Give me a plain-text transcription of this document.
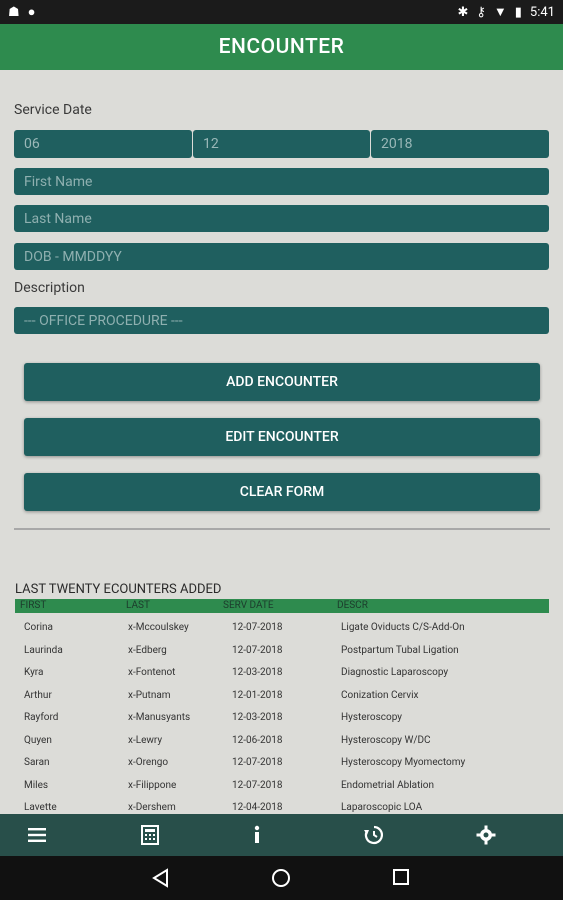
☗ ●	✱ ⚷ ▼ ▮ 5:41
ENCOUNTER
Service Date
06	12	2018
First Name
Last Name
DOB - MMDDYY
Description
--- OFFICE PROCEDURE ---
ADD ENCOUNTER
EDIT ENCOUNTER
CLEAR FORM
LAST TWENTY ECOUNTERS ADDED
FIRST	LAST	SERV DATE	DESCR
Corina	x-Mccoulskey	12-07-2018	Ligate Oviducts C/S-Add-On
Laurinda	x-Edberg	12-07-2018	Postpartum Tubal Ligation
Kyra	x-Fontenot	12-03-2018	Diagnostic Laparoscopy
Arthur	x-Putnam	12-01-2018	Conization Cervix
Rayford	x-Manusyants	12-03-2018	Hysteroscopy
Quyen	x-Lewry	12-06-2018	Hysteroscopy W/DC
Saran	x-Orengo	12-07-2018	Hysteroscopy Myomectomy
Miles	x-Filippone	12-07-2018	Endometrial Ablation
Lavette	x-Dershem	12-04-2018	Laparoscopic LOA
